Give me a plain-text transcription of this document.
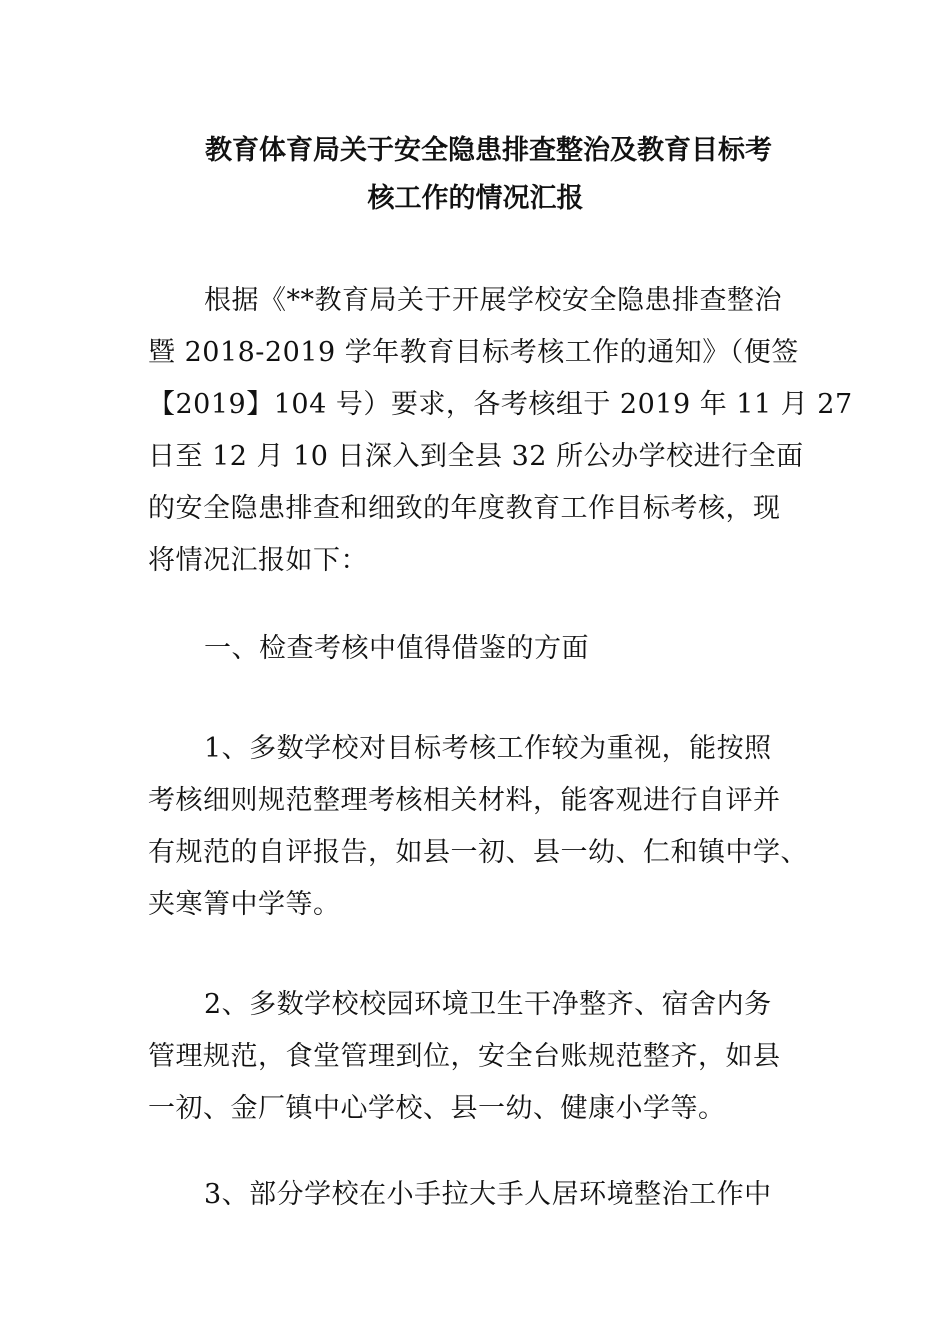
教育体育局关于安全隐患排查整治及教育目标考
核工作的情况汇报
根据《**教育局关于开展学校安全隐患排查整治
暨 2018-2019 学年教育目标考核工作的通知》（便签
【2019】104 号）要求，各考核组于 2019 年 11 月 27
日至 12 月 10 日深入到全县 32 所公办学校进行全面
的安全隐患排查和细致的年度教育工作目标考核，现
将情况汇报如下：
一、检查考核中值得借鉴的方面
1、多数学校对目标考核工作较为重视，能按照
考核细则规范整理考核相关材料，能客观进行自评并
有规范的自评报告，如县一初、县一幼、仁和镇中学、
夹寒箐中学等。
2、多数学校校园环境卫生干净整齐、宿舍内务
管理规范，食堂管理到位，安全台账规范整齐，如县
一初、金厂镇中心学校、县一幼、健康小学等。
3、部分学校在小手拉大手人居环境整治工作中
